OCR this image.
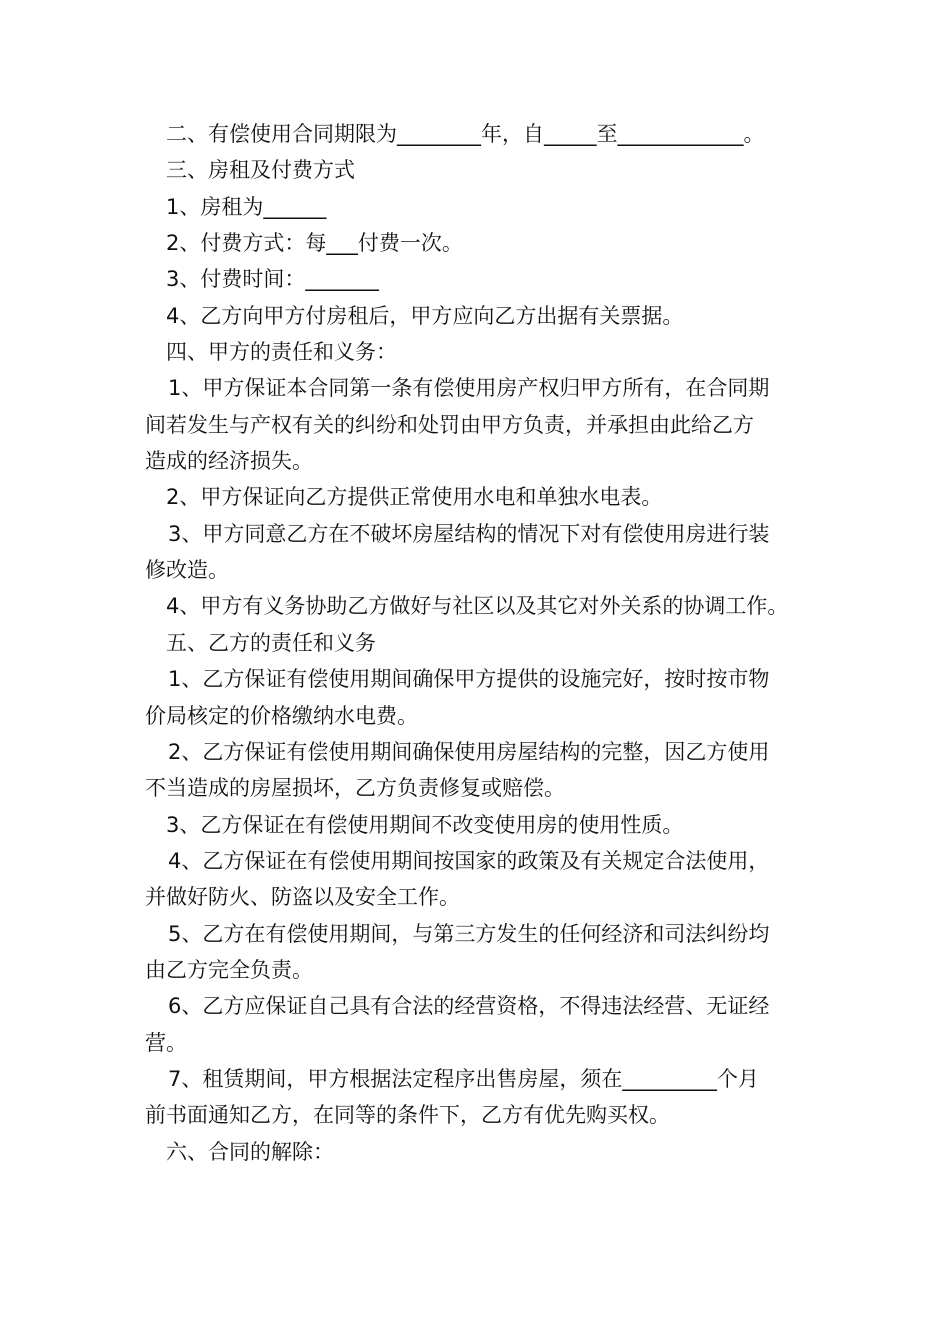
二、有偿使用合同期限为________年，自_____至____________。
三、房租及付费方式
1、房租为______
2、付费方式：每___付费一次。
3、付费时间：_______
4、乙方向甲方付房租后，甲方应向乙方出据有关票据。
四、甲方的责任和义务：
1、甲方保证本合同第一条有偿使用房产权归甲方所有，在合同期
间若发生与产权有关的纠纷和处罚由甲方负责，并承担由此给乙方
造成的经济损失。
2、甲方保证向乙方提供正常使用水电和单独水电表。
3、甲方同意乙方在不破坏房屋结构的情况下对有偿使用房进行装
修改造。
4、甲方有义务协助乙方做好与社区以及其它对外关系的协调工作。
五、乙方的责任和义务
1、乙方保证有偿使用期间确保甲方提供的设施完好，按时按市物
价局核定的价格缴纳水电费。
2、乙方保证有偿使用期间确保使用房屋结构的完整，因乙方使用
不当造成的房屋损坏，乙方负责修复或赔偿。
3、乙方保证在有偿使用期间不改变使用房的使用性质。
4、乙方保证在有偿使用期间按国家的政策及有关规定合法使用，
并做好防火、防盗以及安全工作。
5、乙方在有偿使用期间，与第三方发生的任何经济和司法纠纷均
由乙方完全负责。
6、乙方应保证自己具有合法的经营资格，不得违法经营、无证经
营。
7、租赁期间，甲方根据法定程序出售房屋，须在_________个月
前书面通知乙方，在同等的条件下，乙方有优先购买权。
六、合同的解除：
